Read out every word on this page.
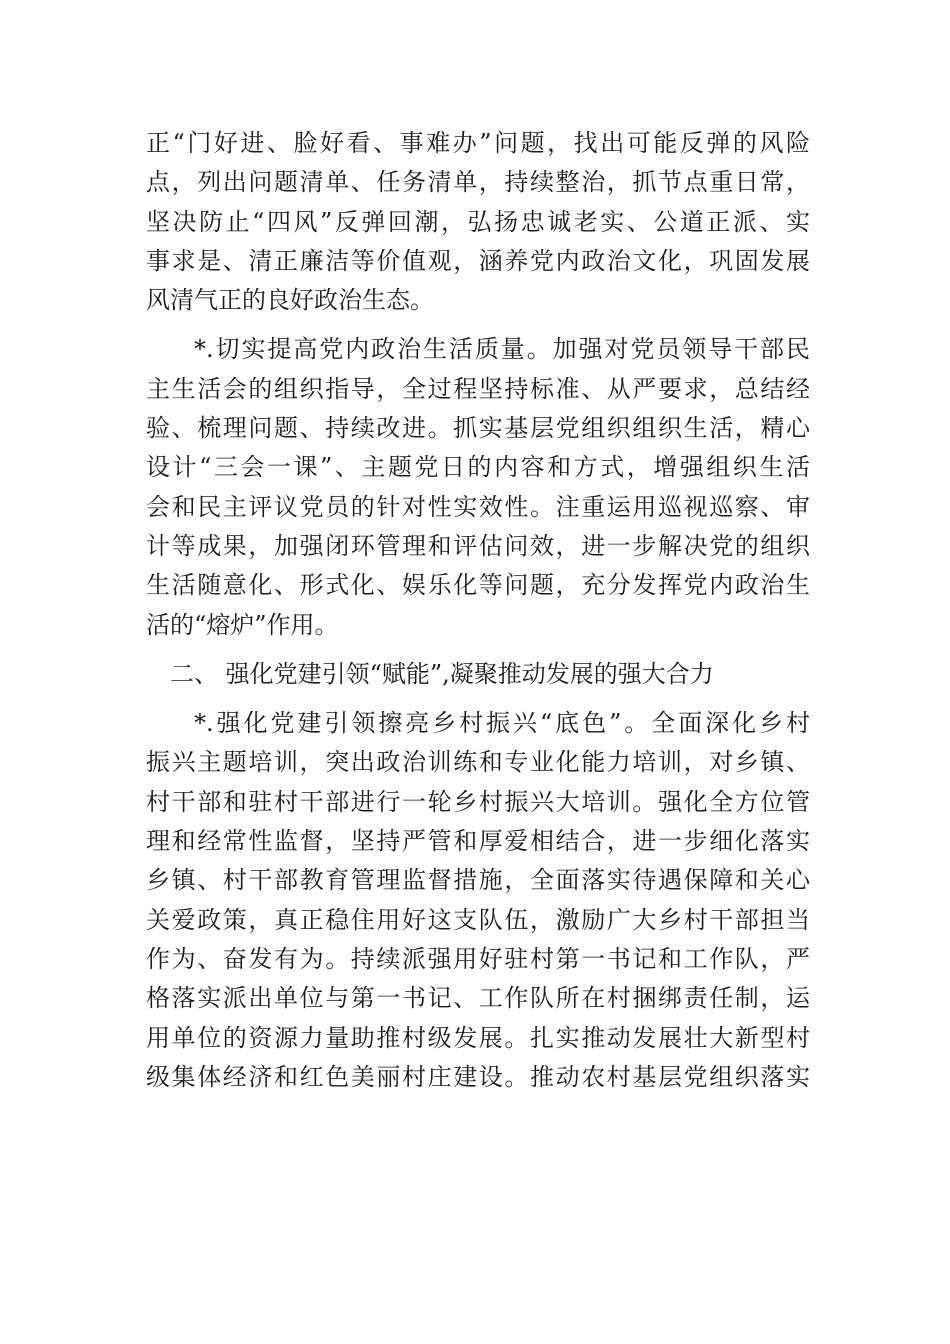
正“门好进、脸好看、事难办”问题，找出可能反弹的风险
点，列出问题清单、任务清单，持续整治，抓节点重日常，
坚决防止“四风”反弹回潮，弘扬忠诚老实、公道正派、实
事求是、清正廉洁等价值观，涵养党内政治文化，巩固发展
风清气正的良好政治生态。
*.切实提高党内政治生活质量。加强对党员领导干部民
主生活会的组织指导，全过程坚持标准、从严要求，总结经
验、梳理问题、持续改进。抓实基层党组织组织生活，精心
设计“三会一课”、主题党日的内容和方式，增强组织生活
会和民主评议党员的针对性实效性。注重运用巡视巡察、审
计等成果，加强闭环管理和评估问效，进一步解决党的组织
生活随意化、形式化、娱乐化等问题，充分发挥党内政治生
活的“熔炉”作用。
二、 强化党建引领“赋能”,凝聚推动发展的强大合力
*.强化党建引领擦亮乡村振兴“底色”。全面深化乡村
振兴主题培训，突出政治训练和专业化能力培训，对乡镇、
村干部和驻村干部进行一轮乡村振兴大培训。强化全方位管
理和经常性监督，坚持严管和厚爱相结合，进一步细化落实
乡镇、村干部教育管理监督措施，全面落实待遇保障和关心
关爱政策，真正稳住用好这支队伍，激励广大乡村干部担当
作为、奋发有为。持续派强用好驻村第一书记和工作队，严
格落实派出单位与第一书记、工作队所在村捆绑责任制，运
用单位的资源力量助推村级发展。扎实推动发展壮大新型村
级集体经济和红色美丽村庄建设。推动农村基层党组织落实
